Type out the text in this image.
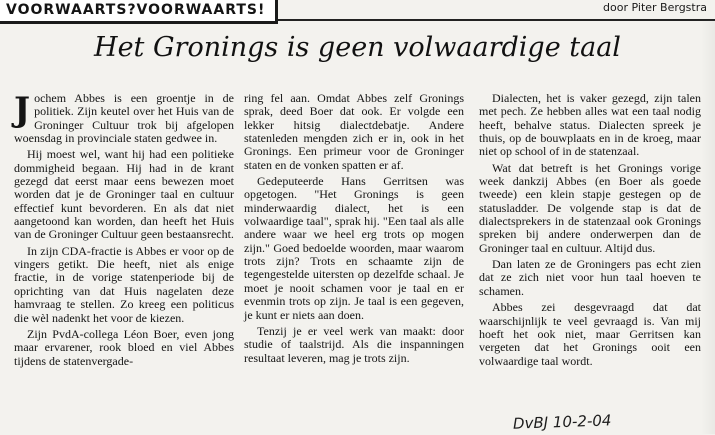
VOORWAARTS?VOORWAARTS!	door Piter Bergstra
Het Gronings is geen volwaardige taal

Jochem Abbes is een groentje in de politiek. Zijn keutel over het Huis van de Groninger Cultuur trok bij afgelopen woensdag in provinciale staten gedwee in.

Hij moest wel, want hij had een politieke dommigheid begaan. Hij had in de krant gezegd dat eerst maar eens bewezen moet worden dat je de Groninger taal en cultuur effectief kunt bevorderen. En als dat niet aangetoond kan worden, dan heeft het Huis van de Groninger Cultuur geen bestaansrecht.

In zijn CDA-fractie is Abbes er voor op de vingers getikt. Die heeft, niet als enige fractie, in de vorige statenperiode bij de oprichting van dat Huis nagelaten deze hamvraag te stellen. Zo kreeg een politicus die wèl nadenkt het voor de kiezen.

Zijn PvdA-collega Léon Boer, even jong maar ervarener, rook bloed en viel Abbes tijdens de statenvergade-

ring fel aan. Omdat Abbes zelf Gronings sprak, deed Boer dat ook. Er volgde een lekker hitsig dialectdebatje. Andere statenleden mengden zich er in, ook in het Gronings. Een primeur voor de Groninger staten en de vonken spatten er af.

Gedeputeerde Hans Gerritsen was opgetogen. "Het Gronings is geen minderwaardig dialect, het is een volwaardige taal", sprak hij. "Een taal als alle andere waar we heel erg trots op mogen zijn." Goed bedoelde woorden, maar waarom trots zijn? Trots en schaamte zijn de tegengestelde uitersten op dezelfde schaal. Je moet je nooit schamen voor je taal en er evenmin trots op zijn. Je taal is een gegeven, je kunt er niets aan doen.

Tenzij je er veel werk van maakt: door studie of taalstrijd. Als die inspanningen resultaat leveren, mag je trots zijn.

Dialecten, het is vaker gezegd, zijn talen met pech. Ze hebben alles wat een taal nodig heeft, behalve status. Dialecten spreek je thuis, op de bouwplaats en in de kroeg, maar niet op school of in de statenzaal.

Wat dat betreft is het Gronings vorige week dankzij Abbes (en Boer als goede tweede) een klein stapje gestegen op de statusladder. De volgende stap is dat de dialectsprekers in de statenzaal ook Gronings spreken bij andere onderwerpen dan de Groninger taal en cultuur. Altijd dus.

Dan laten ze de Groningers pas echt zien dat ze zich niet voor hun taal hoeven te schamen.

Abbes zei desgevraagd dat dat waarschijnlijk te veel gevraagd is. Van mij hoeft het ook niet, maar Gerritsen kan vergeten dat het Gronings ooit een volwaardige taal wordt.

DvBJ 10-2-04
